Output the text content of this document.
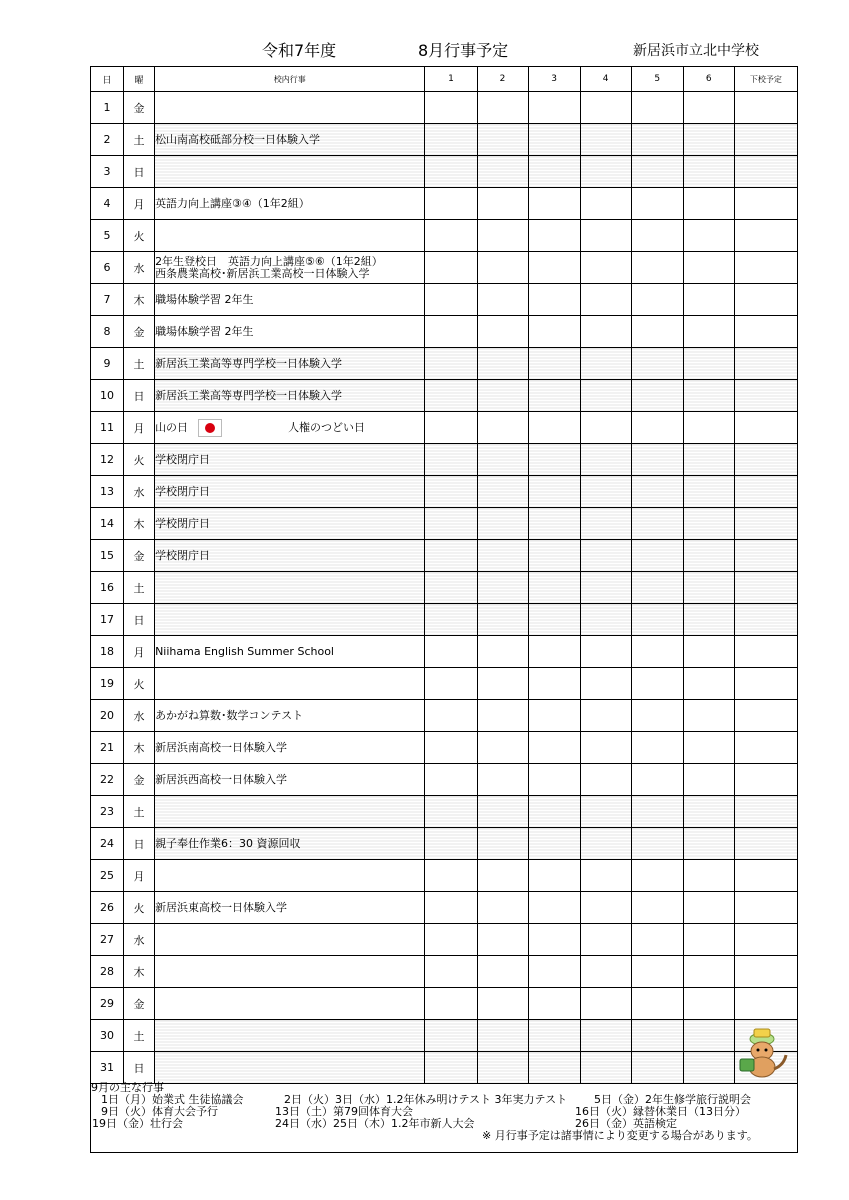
令和7年度	8月行事予定	新居浜市立北中学校
日	曜	校内行事	1	2	3	4	5	6	下校予定
1	金								
2	土	松山南高校砥部分校一日体験入学							
3	日								
4	月	英語力向上講座③④（1年2組）							
5	火								
6	水	2年生登校日　英語力向上講座⑤⑥（1年2組）
西条農業高校･新居浜工業高校一日体験入学							

7	木	職場体験学習 2年生							
8	金	職場体験学習 2年生							
9	土	新居浜工業高等専門学校一日体験入学							
10	日	新居浜工業高等専門学校一日体験入学							
11	月	山の日 人権のつどい日							
12	火	学校閉庁日							
13	水	学校閉庁日							
14	木	学校閉庁日							
15	金	学校閉庁日							
16	土								
17	日								
18	月	Niihama English Summer School							
19	火								
20	水	あかがね算数･数学コンテスト							
21	木	新居浜南高校一日体験入学							
22	金	新居浜西高校一日体験入学							
23	土								
24	日	親子奉仕作業6：30 資源回収							
25	月								
26	火	新居浜東高校一日体験入学							
27	水								
28	木								
29	金								
30	土								
31	日								
9月の主な行事
1日（月）始業式 生徒協議会	2日（火）3日（水）1.2年休み明けテスト 3年実力テスト 5日（金）2年生修学旅行説明会
9日（火）体育大会予行	13日（土）第79回体育大会	16日（火）縁替休業日（13日分）
19日（金）壮行会	24日（水）25日（木）1.2年市新人大会	26日（金）英語検定
※ 月行事予定は諸事情により変更する場合があります。
